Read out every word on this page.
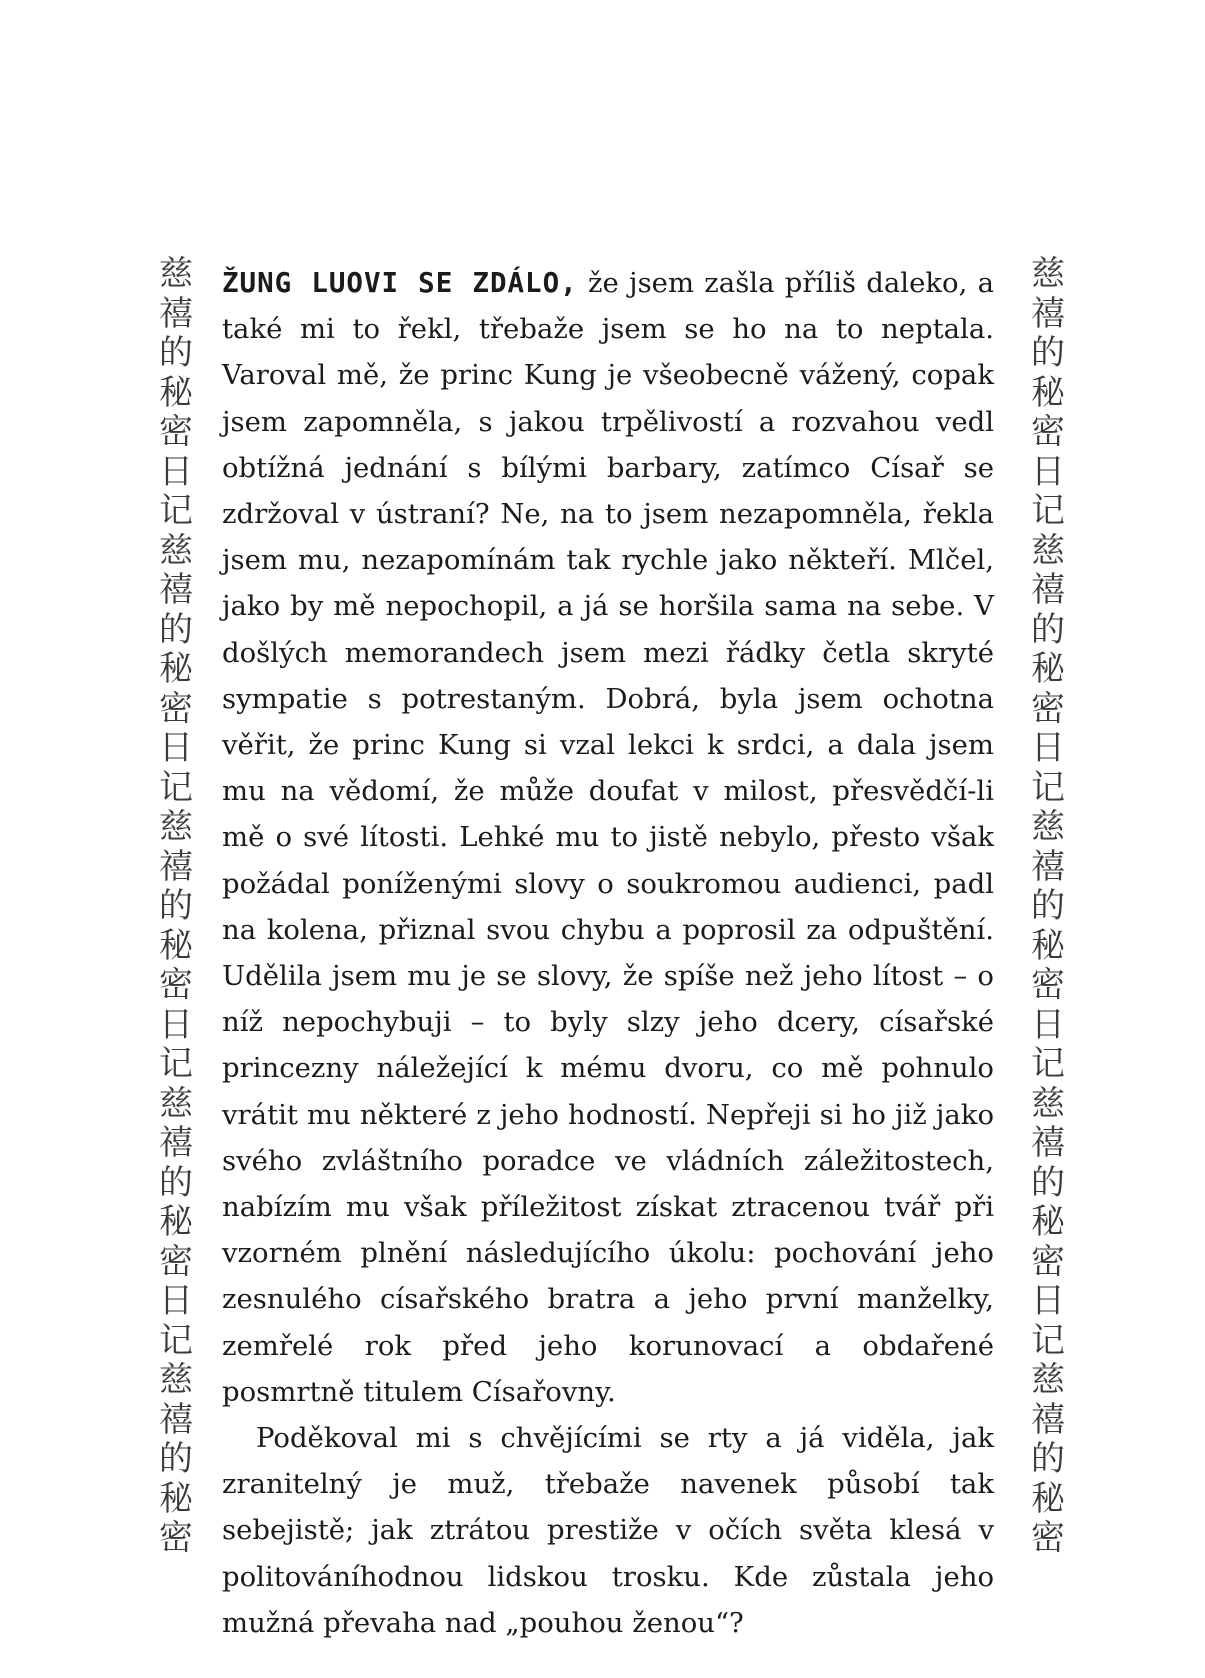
慈
禧
的
秘
密
日
记
慈
禧
的
秘
密
日
记
慈
禧
的
秘
密
日
记
慈
禧
的
秘
密
日
记
慈
禧
的
秘
密

ŽUNG LUOVI SE ZDÁLO, že jsem zašla příliš daleko, a také mi to řekl, třebaže jsem se ho na to neptala. Varoval mě, že princ Kung je všeobecně vážený, copak jsem zapomněla, s jakou trpělivostí a rozvahou vedl obtížná jednání s bílými barbary, zatímco Císař se zdržoval v ústraní? Ne, na to jsem nezapomněla, řekla jsem mu, nezapomínám tak rychle jako někteří. Mlčel, jako by mě nepochopil, a já se horšila sama na sebe. V došlých memorandech jsem mezi řádky četla skryté sympatie s potrestaným. Dobrá, byla jsem ochotna věřit, že princ Kung si vzal lekci k srdci, a dala jsem mu na vědomí, že může doufat v milost, přesvědčí-li mě o své lítosti. Lehké mu to jistě nebylo, přesto však požádal poníženými slovy o soukromou audienci, padl na kolena, přiznal svou chybu a poprosil za odpuštění. Udělila jsem mu je se slovy, že spíše než jeho lítost – o níž nepochybuji – to byly slzy jeho dcery, císařské princezny náležející k mému dvoru, co mě pohnulo vrátit mu některé z jeho hodností. Nepřeji si ho již jako svého zvláštního poradce ve vládních záležitostech, nabízím mu však příležitost získat ztracenou tvář při vzorném plnění následujícího úkolu: pochování jeho zesnulého císařského bratra a jeho první manželky, zemřelé rok před jeho korunovací a obdařené posmrtně titulem Císařovny.

Poděkoval mi s chvějícími se rty a já viděla, jak zranitelný je muž, třebaže navenek působí tak sebejistě; jak ztrátou prestiže v očích světa klesá v politováníhodnou lidskou trosku. Kde zůstala jeho mužná převaha nad „pouhou ženou“?

慈
禧
的
秘
密
日
记
慈
禧
的
秘
密
日
记
慈
禧
的
秘
密
日
记
慈
禧
的
秘
密
日
记
慈
禧
的
秘
密
